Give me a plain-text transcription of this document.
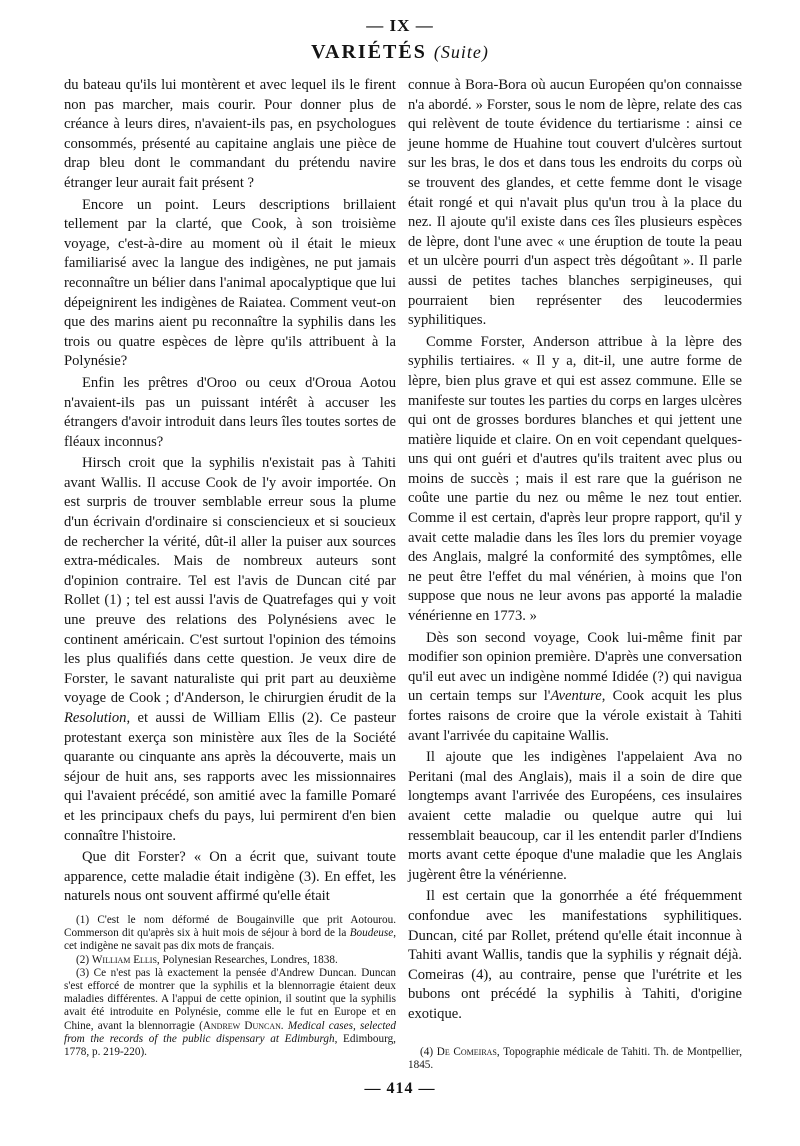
— IX —
VARIÉTÉS (Suite)

du bateau qu'ils lui montèrent et avec lequel ils le firent non pas marcher, mais courir. Pour donner plus de créance à leurs dires, n'avaient-ils pas, en psychologues consommés, présenté au capitaine anglais une pièce de drap bleu dont le commandant du prétendu navire étranger leur aurait fait présent ?

Encore un point. Leurs descriptions brillaient tellement par la clarté, que Cook, à son troisième voyage, c'est-à-dire au moment où il était le mieux familiarisé avec la langue des indigènes, ne put jamais reconnaître un bélier dans l'animal apocalyptique que lui dépeignirent les indigènes de Raiatea. Comment veut-on que des marins aient pu reconnaître la syphilis dans les trois ou quatre espèces de lèpre qu'ils attribuent à la Polynésie?

Enfin les prêtres d'Oroo ou ceux d'Oroua Aotou n'avaient-ils pas un puissant intérêt à accuser les étrangers d'avoir introduit dans leurs îles toutes sortes de fléaux inconnus?

Hirsch croit que la syphilis n'existait pas à Tahiti avant Wallis. Il accuse Cook de l'y avoir importée. On est surpris de trouver semblable erreur sous la plume d'un écrivain d'ordinaire si consciencieux et si soucieux de rechercher la vérité, dût-il aller la puiser aux sources extra-médicales. Mais de nombreux auteurs sont d'opinion contraire. Tel est l'avis de Duncan cité par Rollet (1) ; tel est aussi l'avis de Quatrefages qui y voit une preuve des relations des Polynésiens avec le continent américain. C'est surtout l'opinion des témoins les plus qualifiés dans cette question. Je veux dire de Forster, le savant naturaliste qui prit part au deuxième voyage de Cook ; d'Anderson, le chirurgien érudit de la Resolution, et aussi de William Ellis (2). Ce pasteur protestant exerça son ministère aux îles de la Société quarante ou cinquante ans après la découverte, mais un séjour de huit ans, ses rapports avec les missionnaires qui l'avaient précédé, son amitié avec la famille Pomaré et les principaux chefs du pays, lui permirent d'en bien connaître l'histoire.

Que dit Forster? « On a écrit que, suivant toute apparence, cette maladie était indigène (3). En effet, les naturels nous ont souvent affirmé qu'elle était

(1) C'est le nom déformé de Bougainville que prit Aotourou. Commerson dit qu'après six à huit mois de séjour à bord de la Boudeuse, cet indigène ne savait pas dix mots de français.

(2) William Ellis, Polynesian Researches, Londres, 1838.

(3) Ce n'est pas là exactement la pensée d'Andrew Duncan. Duncan s'est efforcé de montrer que la syphilis et la blennorragie étaient deux maladies différentes. A l'appui de cette opinion, il soutint que la syphilis avait été introduite en Polynésie, comme elle le fut en Europe et en Chine, avant la blennorragie (Andrew Duncan. Medical cases, selected from the records of the public dispensary at Edimburgh, Edimbourg, 1778, p. 219-220).

connue à Bora-Bora où aucun Européen qu'on connaisse n'a abordé. » Forster, sous le nom de lèpre, relate des cas qui relèvent de toute évidence du tertiarisme : ainsi ce jeune homme de Huahine tout couvert d'ulcères surtout sur les bras, le dos et dans tous les endroits du corps où se trouvent des glandes, et cette femme dont le visage était rongé et qui n'avait plus qu'un trou à la place du nez. Il ajoute qu'il existe dans ces îles plusieurs espèces de lèpre, dont l'une avec « une éruption de toute la peau et un ulcère pourri d'un aspect très dégoûtant ». Il parle aussi de petites taches blanches serpigineuses, qui pourraient bien représenter des leucodermies syphilitiques.

Comme Forster, Anderson attribue à la lèpre des syphilis tertiaires. « Il y a, dit-il, une autre forme de lèpre, bien plus grave et qui est assez commune. Elle se manifeste sur toutes les parties du corps en larges ulcères qui ont de grosses bordures blanches et qui jettent une matière liquide et claire. On en voit cependant quelques-uns qui ont guéri et d'autres qu'ils traitent avec plus ou moins de succès ; mais il est rare que la guérison ne coûte une partie du nez ou même le nez tout entier. Comme il est certain, d'après leur propre rapport, qu'il y avait cette maladie dans les îles lors du premier voyage des Anglais, malgré la conformité des symptômes, elle ne peut être l'effet du mal vénérien, à moins que l'on suppose que nous ne leur avons pas apporté la maladie vénérienne en 1773. »

Dès son second voyage, Cook lui-même finit par modifier son opinion première. D'après une conversation qu'il eut avec un indigène nommé Ididée (?) qui navigua un certain temps sur l'Aventure, Cook acquit les plus fortes raisons de croire que la vérole existait à Tahiti avant l'arrivée du capitaine Wallis.

Il ajoute que les indigènes l'appelaient Ava no Peritani (mal des Anglais), mais il a soin de dire que longtemps avant l'arrivée des Européens, ces insulaires avaient cette maladie ou quelque autre qui lui ressemblait beaucoup, car il les entendit parler d'Indiens morts avant cette époque d'une maladie que les Anglais jugèrent être la vénérienne.

Il est certain que la gonorrhée a été fréquemment confondue avec les manifestations syphilitiques. Duncan, cité par Rollet, prétend qu'elle était inconnue à Tahiti avant Wallis, tandis que la syphilis y régnait déjà. Comeiras (4), au contraire, pense que l'urétrite et les bubons ont précédé la syphilis à Tahiti, d'origine exotique.

(4) De Comeiras, Topographie médicale de Tahiti. Th. de Montpellier, 1845.

— 414 —
